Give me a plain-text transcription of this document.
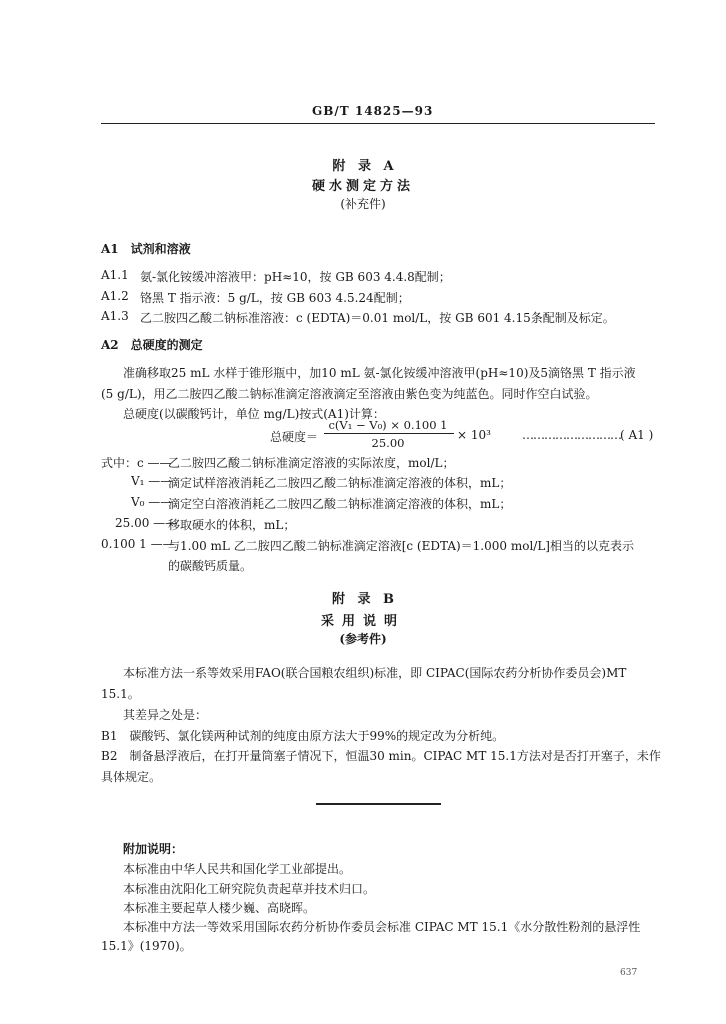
GB/T 14825—93
附 录 A
硬水测定方法
(补充件)
A1　试剂和溶液
A1.1 氨-氯化铵缓冲溶液甲：pH≈10，按 GB 603 4.4.8配制；
A1.2 铬黑 T 指示液：5 g/L，按 GB 603 4.5.24配制；
A1.3 乙二胺四乙酸二钠标准溶液：c (EDTA)＝0.01 mol/L，按 GB 601 4.15条配制及标定。
A2　总硬度的测定
准确移取25 mL 水样于锥形瓶中，加10 mL 氨-氯化铵缓冲溶液甲(pH≈10)及5滴铬黑 T 指示液
(5 g/L)，用乙二胺四乙酸二钠标准滴定溶液滴定至溶液由紫色变为纯蓝色。同时作空白试验。
总硬度(以碳酸钙计，单位 mg/L)按式(A1)计算：
总硬度＝
c(V₁ − V₀) × 0.100 1
25.00
× 10³	……………………… ( A1 )
式中：c ——
乙二胺四乙酸二钠标准滴定溶液的实际浓度，mol/L；
V₁ ——
滴定试样溶液消耗乙二胺四乙酸二钠标准滴定溶液的体积，mL；
V₀ ——
滴定空白溶液消耗乙二胺四乙酸二钠标准滴定溶液的体积，mL；
25.00 ——
移取硬水的体积，mL；
0.100 1 ——
与1.00 mL 乙二胺四乙酸二钠标准滴定溶液[c (EDTA)＝1.000 mol/L]相当的以克表示
的碳酸钙质量。
附 录 B
采用说明
(参考件)
本标准方法一系等效采用FAO(联合国粮农组织)标准，即 CIPAC(国际农药分析协作委员会)MT
15.1。
其差异之处是：
B1　碳酸钙、氯化镁两种试剂的纯度由原方法大于99%的规定改为分析纯。
B2　制备悬浮液后，在打开量筒塞子情况下，恒温30 min。CIPAC MT 15.1方法对是否打开塞子，未作
具体规定。
附加说明：
本标准由中华人民共和国化学工业部提出。
本标准由沈阳化工研究院负责起草并技术归口。
本标准主要起草人楼少巍、高晓晖。
本标准中方法一等效采用国际农药分析协作委员会标准 CIPAC MT 15.1《水分散性粉剂的悬浮性
15.1》(1970)。
637
